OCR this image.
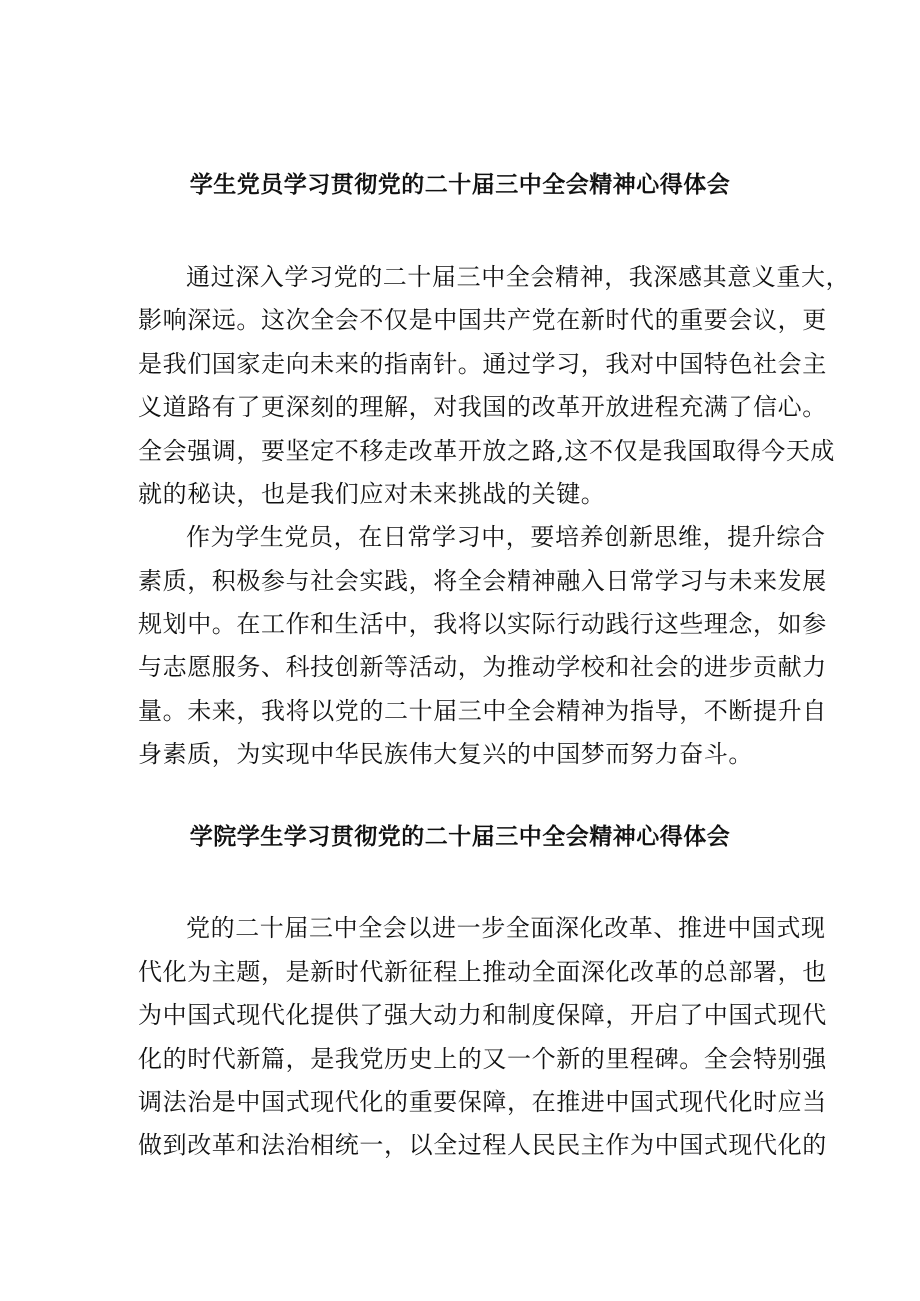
学生党员学习贯彻党的二十届三中全会精神心得体会

通过深入学习党的二十届三中全会精神，我深感其意义重大，

影响深远。这次全会不仅是中国共产党在新时代的重要会议，更

是我们国家走向未来的指南针。通过学习，我对中国特色社会主

义道路有了更深刻的理解，对我国的改革开放进程充满了信心。

全会强调，要坚定不移走改革开放之路,这不仅是我国取得今天成

就的秘诀，也是我们应对未来挑战的关键。

作为学生党员，在日常学习中，要培养创新思维，提升综合

素质，积极参与社会实践，将全会精神融入日常学习与未来发展

规划中。在工作和生活中，我将以实际行动践行这些理念，如参

与志愿服务、科技创新等活动，为推动学校和社会的进步贡献力

量。未来，我将以党的二十届三中全会精神为指导，不断提升自

身素质，为实现中华民族伟大复兴的中国梦而努力奋斗。

学院学生学习贯彻党的二十届三中全会精神心得体会

党的二十届三中全会以进一步全面深化改革、推进中国式现

代化为主题，是新时代新征程上推动全面深化改革的总部署，也

为中国式现代化提供了强大动力和制度保障，开启了中国式现代

化的时代新篇，是我党历史上的又一个新的里程碑。全会特别强

调法治是中国式现代化的重要保障，在推进中国式现代化时应当

做到改革和法治相统一，以全过程人民民主作为中国式现代化的
